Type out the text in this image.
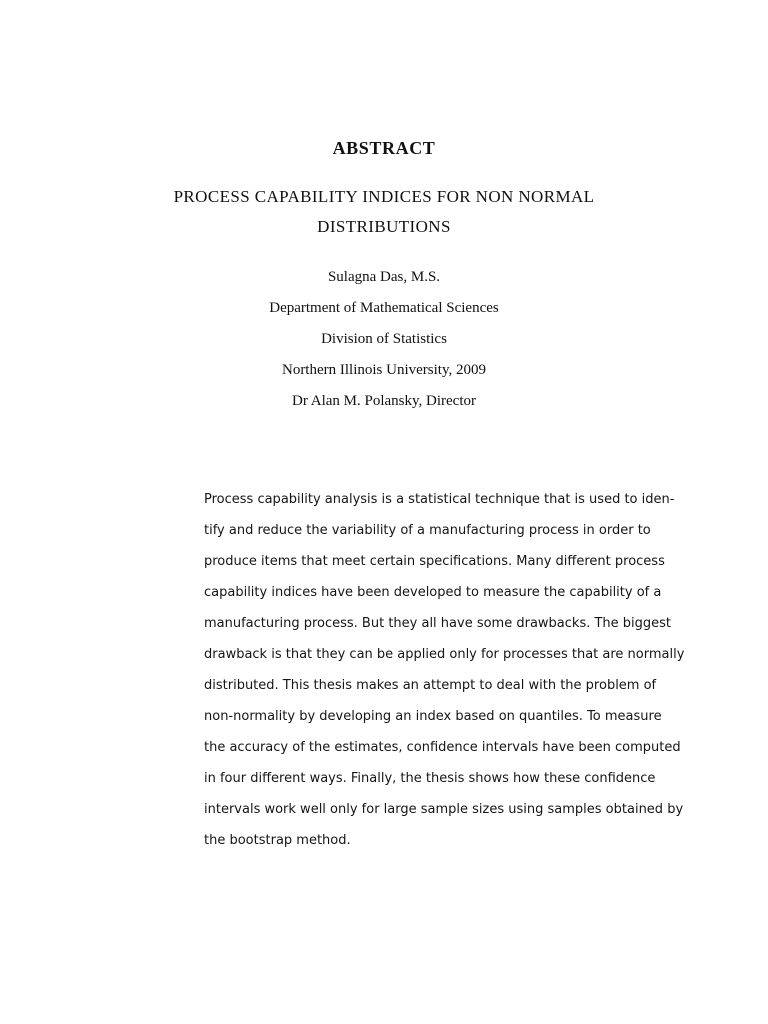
ABSTRACT
PROCESS CAPABILITY INDICES FOR NON NORMAL
DISTRIBUTIONS
Sulagna Das, M.S.
Department of Mathematical Sciences
Division of Statistics
Northern Illinois University, 2009
Dr Alan M. Polansky, Director
Process capability analysis is a statistical technique that is used to iden-
tify and reduce the variability of a manufacturing process in order to
produce items that meet certain specifications. Many different process
capability indices have been developed to measure the capability of a
manufacturing process. But they all have some drawbacks. The biggest
drawback is that they can be applied only for processes that are normally
distributed. This thesis makes an attempt to deal with the problem of
non-normality by developing an index based on quantiles. To measure
the accuracy of the estimates, confidence intervals have been computed
in four different ways. Finally, the thesis shows how these confidence
intervals work well only for large sample sizes using samples obtained by
the bootstrap method.
